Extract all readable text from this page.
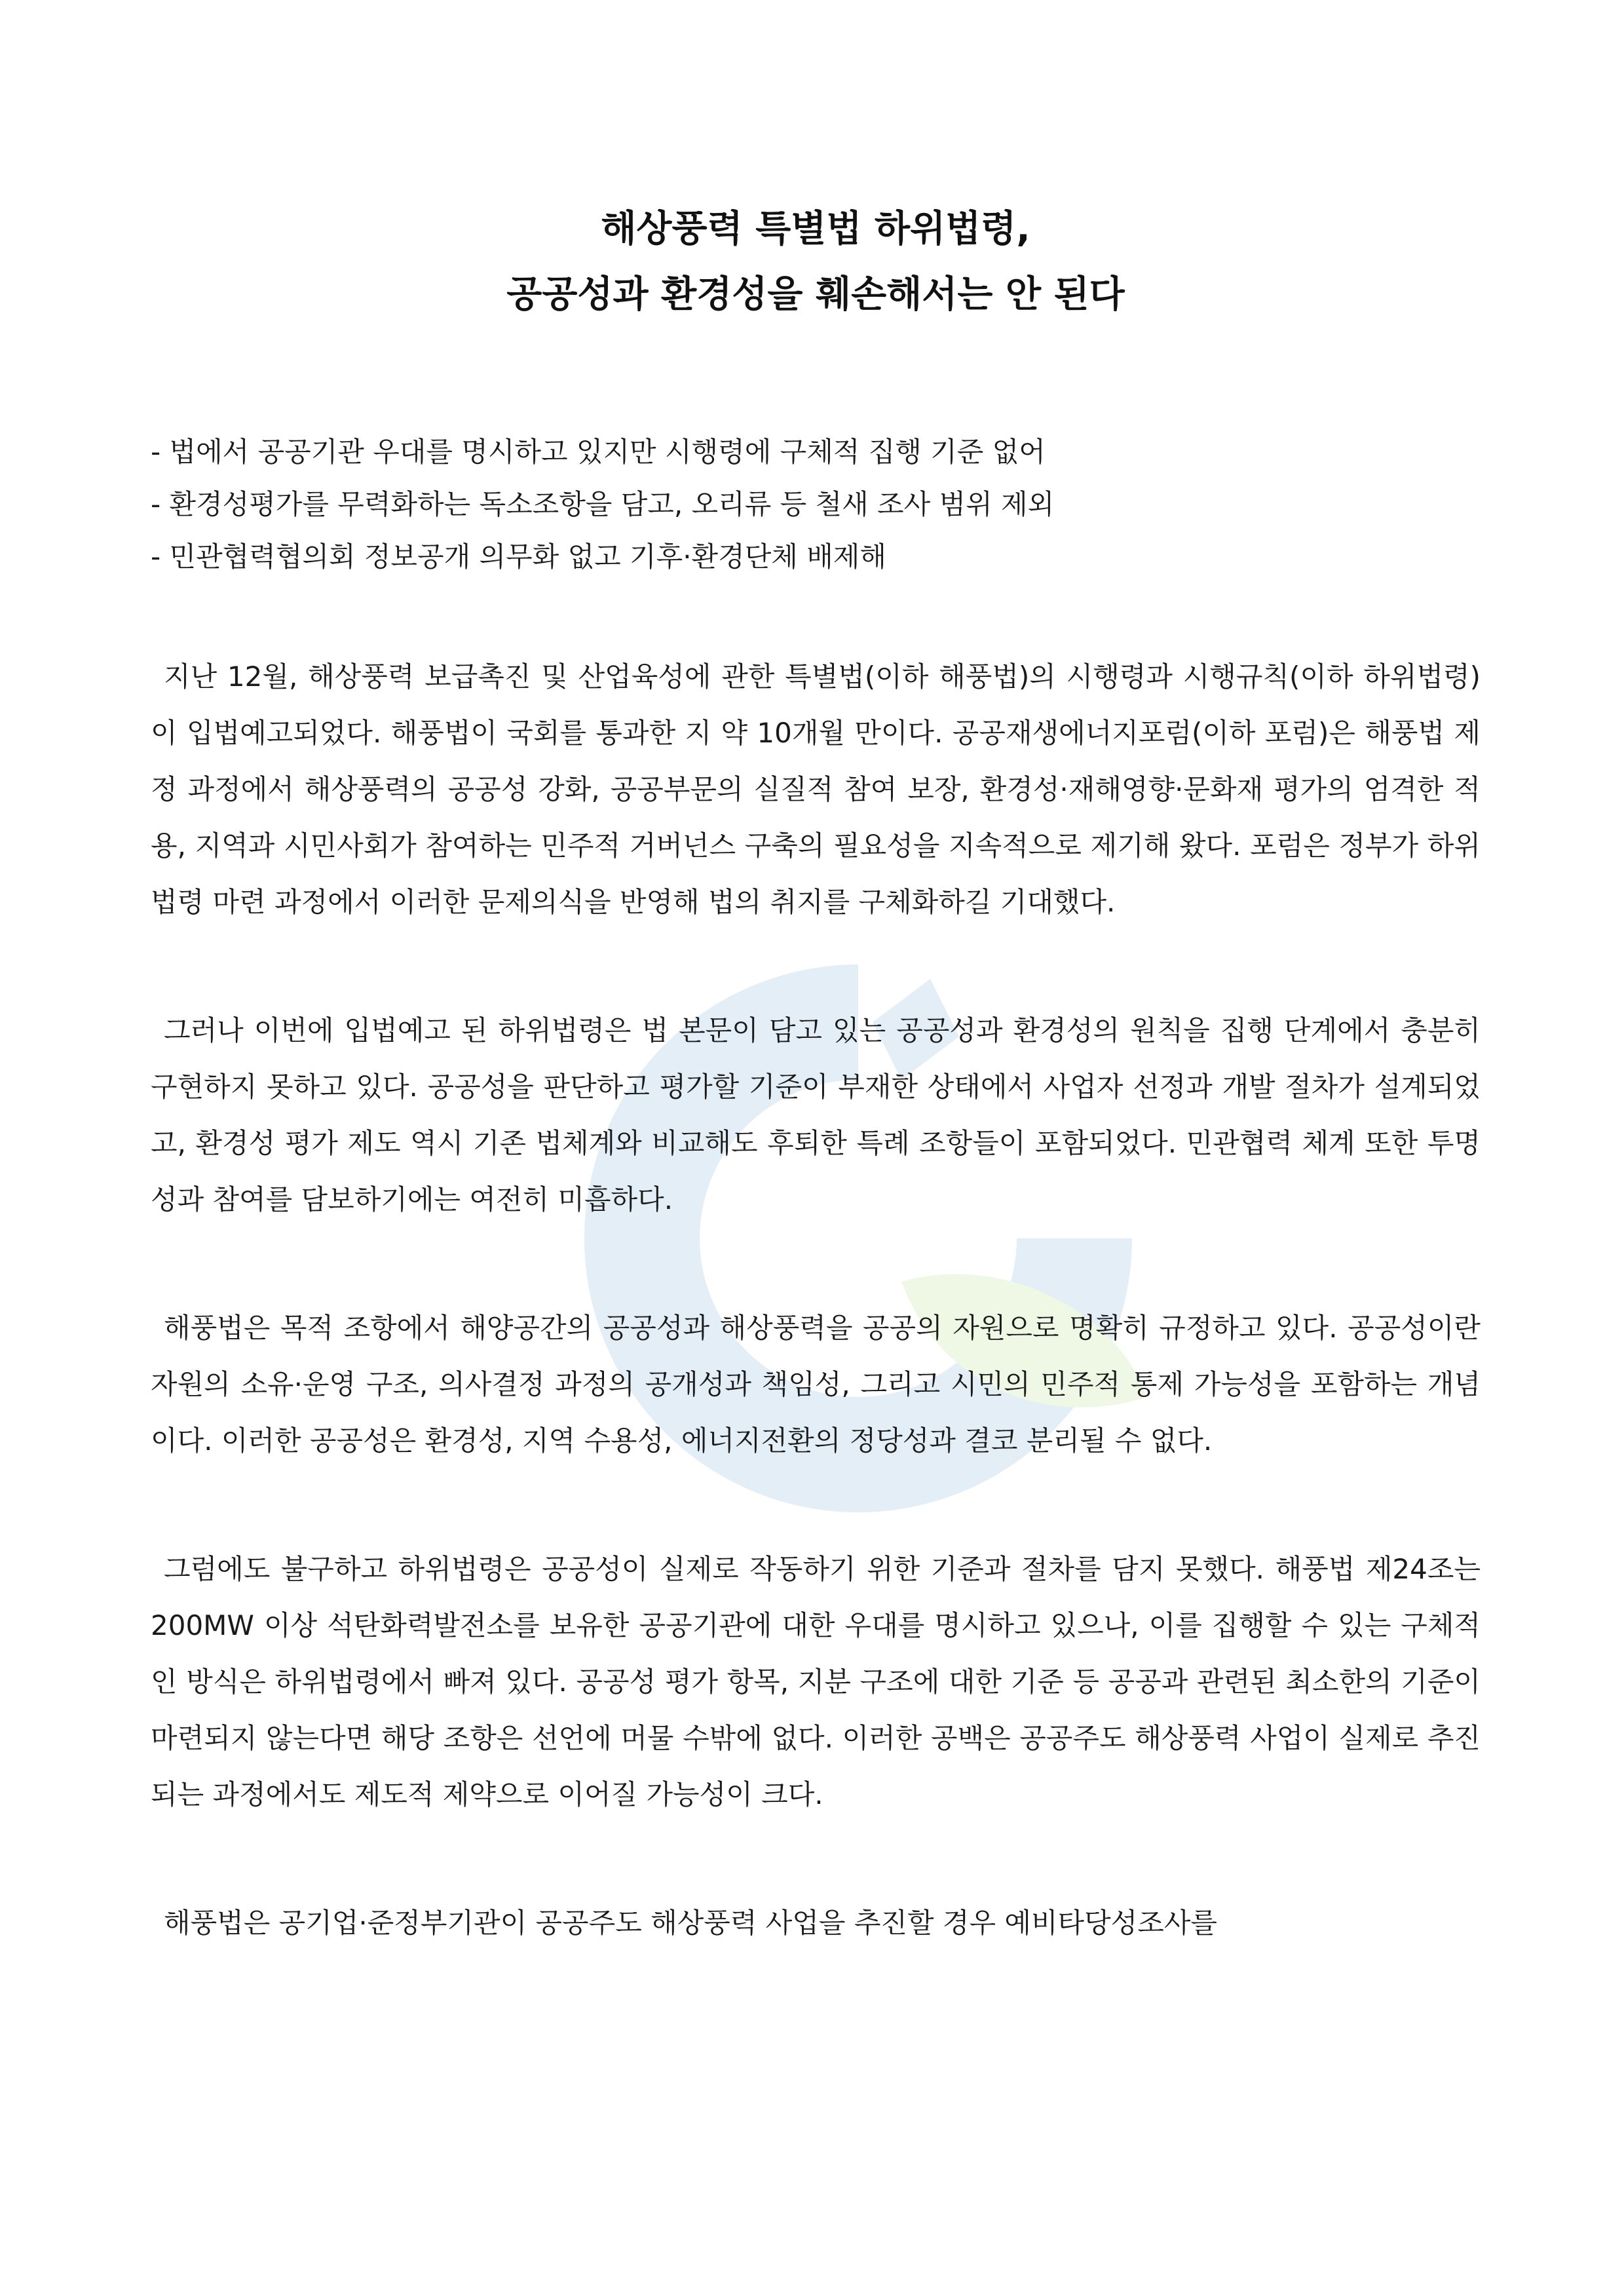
해상풍력 특별법 하위법령,
공공성과 환경성을 훼손해서는 안 된다
- 법에서 공공기관 우대를 명시하고 있지만 시행령에 구체적 집행 기준 없어
- 환경성평가를 무력화하는 독소조항을 담고, 오리류 등 철새 조사 범위 제외
- 민관협력협의회 정보공개 의무화 없고 기후·환경단체 배제해

지난 12월, 해상풍력 보급촉진 및 산업육성에 관한 특별법(이하 해풍법)의 시행령과 시행규칙(이하 하위법령)이 입법예고되었다. 해풍법이 국회를 통과한 지 약 10개월 만이다. 공공재생에너지포럼(이하 포럼)은 해풍법 제정 과정에서 해상풍력의 공공성 강화, 공공부문의 실질적 참여 보장, 환경성·재해영향·문화재 평가의 엄격한 적용, 지역과 시민사회가 참여하는 민주적 거버넌스 구축의 필요성을 지속적으로 제기해 왔다. 포럼은 정부가 하위법령 마련 과정에서 이러한 문제의식을 반영해 법의 취지를 구체화하길 기대했다.

그러나 이번에 입법예고 된 하위법령은 법 본문이 담고 있는 공공성과 환경성의 원칙을 집행 단계에서 충분히 구현하지 못하고 있다. 공공성을 판단하고 평가할 기준이 부재한 상태에서 사업자 선정과 개발 절차가 설계되었고, 환경성 평가 제도 역시 기존 법체계와 비교해도 후퇴한 특례 조항들이 포함되었다. 민관협력 체계 또한 투명성과 참여를 담보하기에는 여전히 미흡하다.

해풍법은 목적 조항에서 해양공간의 공공성과 해상풍력을 공공의 자원으로 명확히 규정하고 있다. 공공성이란 자원의 소유·운영 구조, 의사결정 과정의 공개성과 책임성, 그리고 시민의 민주적 통제 가능성을 포함하는 개념이다. 이러한 공공성은 환경성, 지역 수용성, 에너지전환의 정당성과 결코 분리될 수 없다.

그럼에도 불구하고 하위법령은 공공성이 실제로 작동하기 위한 기준과 절차를 담지 못했다. 해풍법 제24조는 200MW 이상 석탄화력발전소를 보유한 공공기관에 대한 우대를 명시하고 있으나, 이를 집행할 수 있는 구체적인 방식은 하위법령에서 빠져 있다. 공공성 평가 항목, 지분 구조에 대한 기준 등 공공과 관련된 최소한의 기준이 마련되지 않는다면 해당 조항은 선언에 머물 수밖에 없다. 이러한 공백은 공공주도 해상풍력 사업이 실제로 추진되는 과정에서도 제도적 제약으로 이어질 가능성이 크다.

해풍법은 공기업·준정부기관이 공공주도 해상풍력 사업을 추진할 경우 예비타당성조사를
